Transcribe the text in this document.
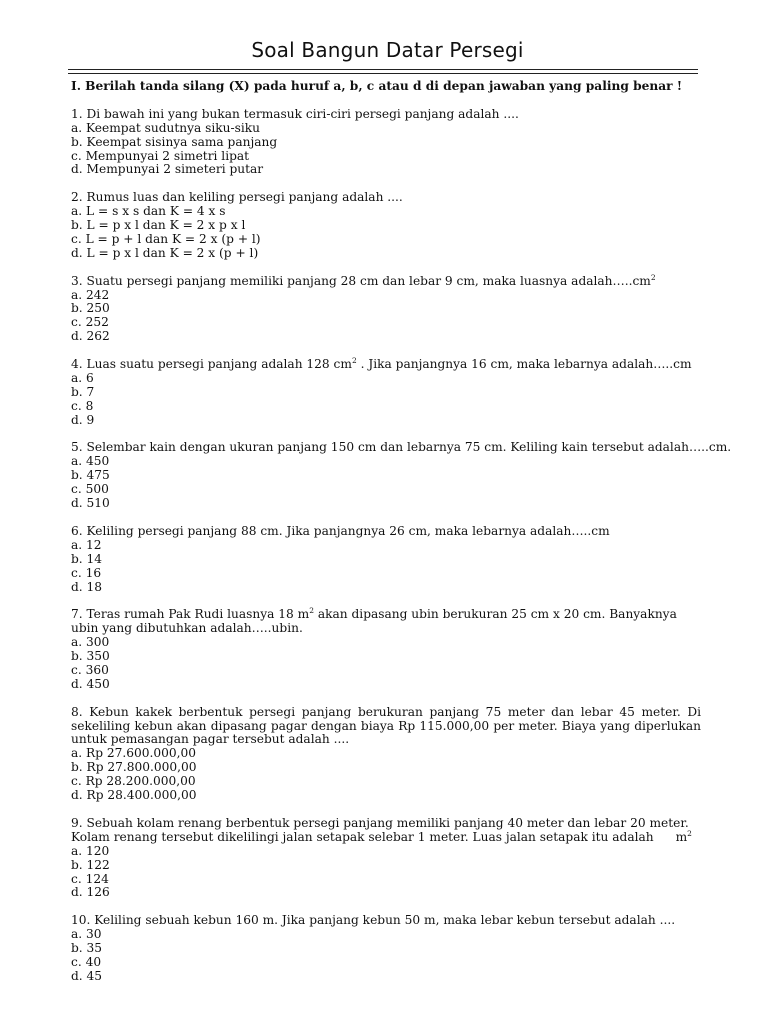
Soal Bangun Datar Persegi
I. Berilah tanda silang (X) pada huruf a, b, c atau d di depan jawaban yang paling benar !
1. Di bawah ini yang bukan termasuk ciri-ciri persegi panjang adalah ....
a. Keempat sudutnya siku-siku
b. Keempat sisinya sama panjang
c. Mempunyai 2 simetri lipat
d. Mempunyai 2 simeteri putar
2. Rumus luas dan keliling persegi panjang adalah ....
a. L = s x s dan K = 4 x s
b. L = p x l dan K = 2 x p x l
c. L = p + l dan K = 2 x (p + l)
d. L = p x l dan K = 2 x (p + l)
3. Suatu persegi panjang memiliki panjang 28 cm dan lebar 9 cm, maka luasnya $adalah\dots..cm^2$
a. 242
b. 250
c. 252
d. 262
4. Luas suatu persegi panjang adalah 128 $cm^2$ . Jika panjangnya 16 cm, maka lebarnya adalah…..cm
a. 6
b. 7
c. 8
d. 9
5. Selembar kain dengan ukuran panjang 150 cm dan lebarnya 75 cm. Keliling kain tersebut adalah…..cm.
a. 450
b. 475
c. 500
d. 510
6. Keliling persegi panjang 88 cm. Jika panjangnya 26 cm, maka lebarnya adalah…..cm
a. 12
b. 14
c. 16
d. 18
7. Teras rumah Pak Rudi luasnya 18 $m^2$ akan dipasang ubin berukuran 25 cm x 20 cm. Banyaknya ubin yang dibutuhkan adalah…..ubin.
a. 300
b. 350
c. 360
d. 450
8. Kebun kakek berbentuk persegi panjang berukuran panjang 75 meter dan lebar 45 meter. Di sekeliling kebun akan dipasang pagar dengan biaya Rp 115.000,00 per meter. Biaya yang diperlukan untuk pemasangan pagar tersebut adalah ....
a. Rp 27.600.000,00
b. Rp 27.800.000,00
c. Rp 28.200.000,00
d. Rp 28.400.000,00
9. Sebuah kolam renang berbentuk persegi panjang memiliki panjang 40 meter dan lebar 20 meter.
Kolam renang tersebut dikelilingi jalan setapak selebar 1 meter. Luas jalan setapak itu adalah $m^2$
a. 120
b. 122
c. 124
d. 126
10. Keliling sebuah kebun 160 m. Jika panjang kebun 50 m, maka lebar kebun tersebut adalah ....
a. 30
b. 35
c. 40
d. 45
